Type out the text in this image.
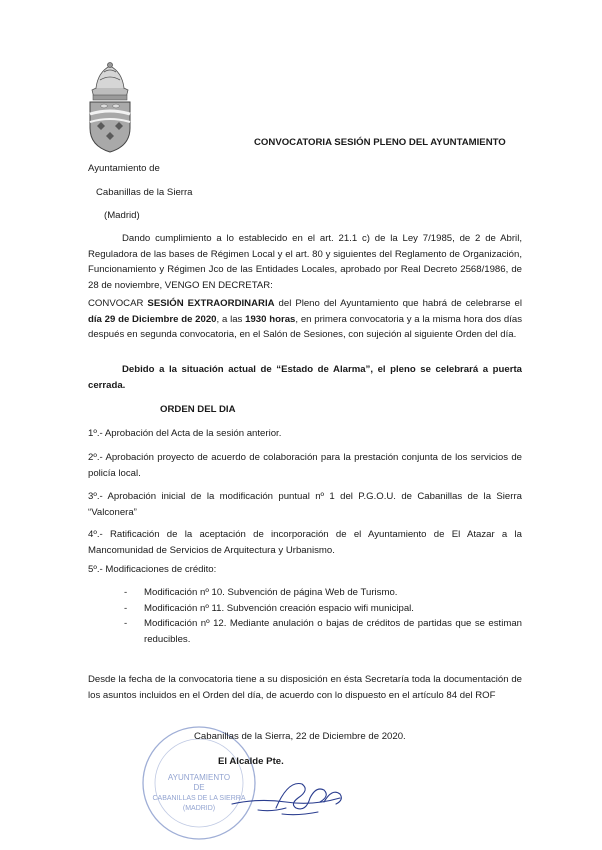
CONVOCATORIA SESIÓN PLENO DEL AYUNTAMIENTO
Ayuntamiento de
Cabanillas de la Sierra
(Madrid)
Dando cumplimiento a lo establecido en el art. 21.1 c) de la Ley 7/1985, de 2 de Abril, Reguladora de las bases de Régimen Local y el art. 80 y siguientes del Reglamento de Organización, Funcionamiento y Régimen Jco de las Entidades Locales, aprobado por Real Decreto 2568/1986, de 28 de noviembre, VENGO EN DECRETAR:
CONVOCAR SESIÓN EXTRAORDINARIA del Pleno del Ayuntamiento que habrá de celebrarse el día 29 de Diciembre de 2020, a las 1930 horas, en primera convocatoria y a la misma hora dos días después en segunda convocatoria, en el Salón de Sesiones, con sujeción al siguiente Orden del día.
Debido a la situación actual de “Estado de Alarma”, el pleno se celebrará a puerta cerrada.
ORDEN DEL DIA
1º.- Aprobación del Acta de la sesión anterior.
2º.- Aprobación proyecto de acuerdo de colaboración para la prestación conjunta de los servicios de policía local.
3º.- Aprobación inicial de la modificación puntual nº 1 del P.G.O.U. de Cabanillas de la Sierra “Valconera”
4º.- Ratificación de la aceptación de incorporación de el Ayuntamiento de El Atazar a la Mancomunidad de Servicios de Arquitectura y Urbanismo.
5º.- Modificaciones de crédito:
- Modificación nº 10. Subvención de página Web de Turismo.
- Modificación nº 11. Subvención creación espacio wifi municipal.
- Modificación nº 12. Mediante anulación o bajas de créditos de partidas que se estiman reducibles.
Desde la fecha de la convocatoria tiene a su disposición en ésta Secretaría toda la documentación de los asuntos incluidos en el Orden del día, de acuerdo con lo dispuesto en el artículo 84 del ROF
AYUNTAMIENTO
DE
CABANILLAS DE LA SIERRA
(MADRID)
Cabanillas de la Sierra, 22 de Diciembre de 2020.
El Alcalde Pte.
